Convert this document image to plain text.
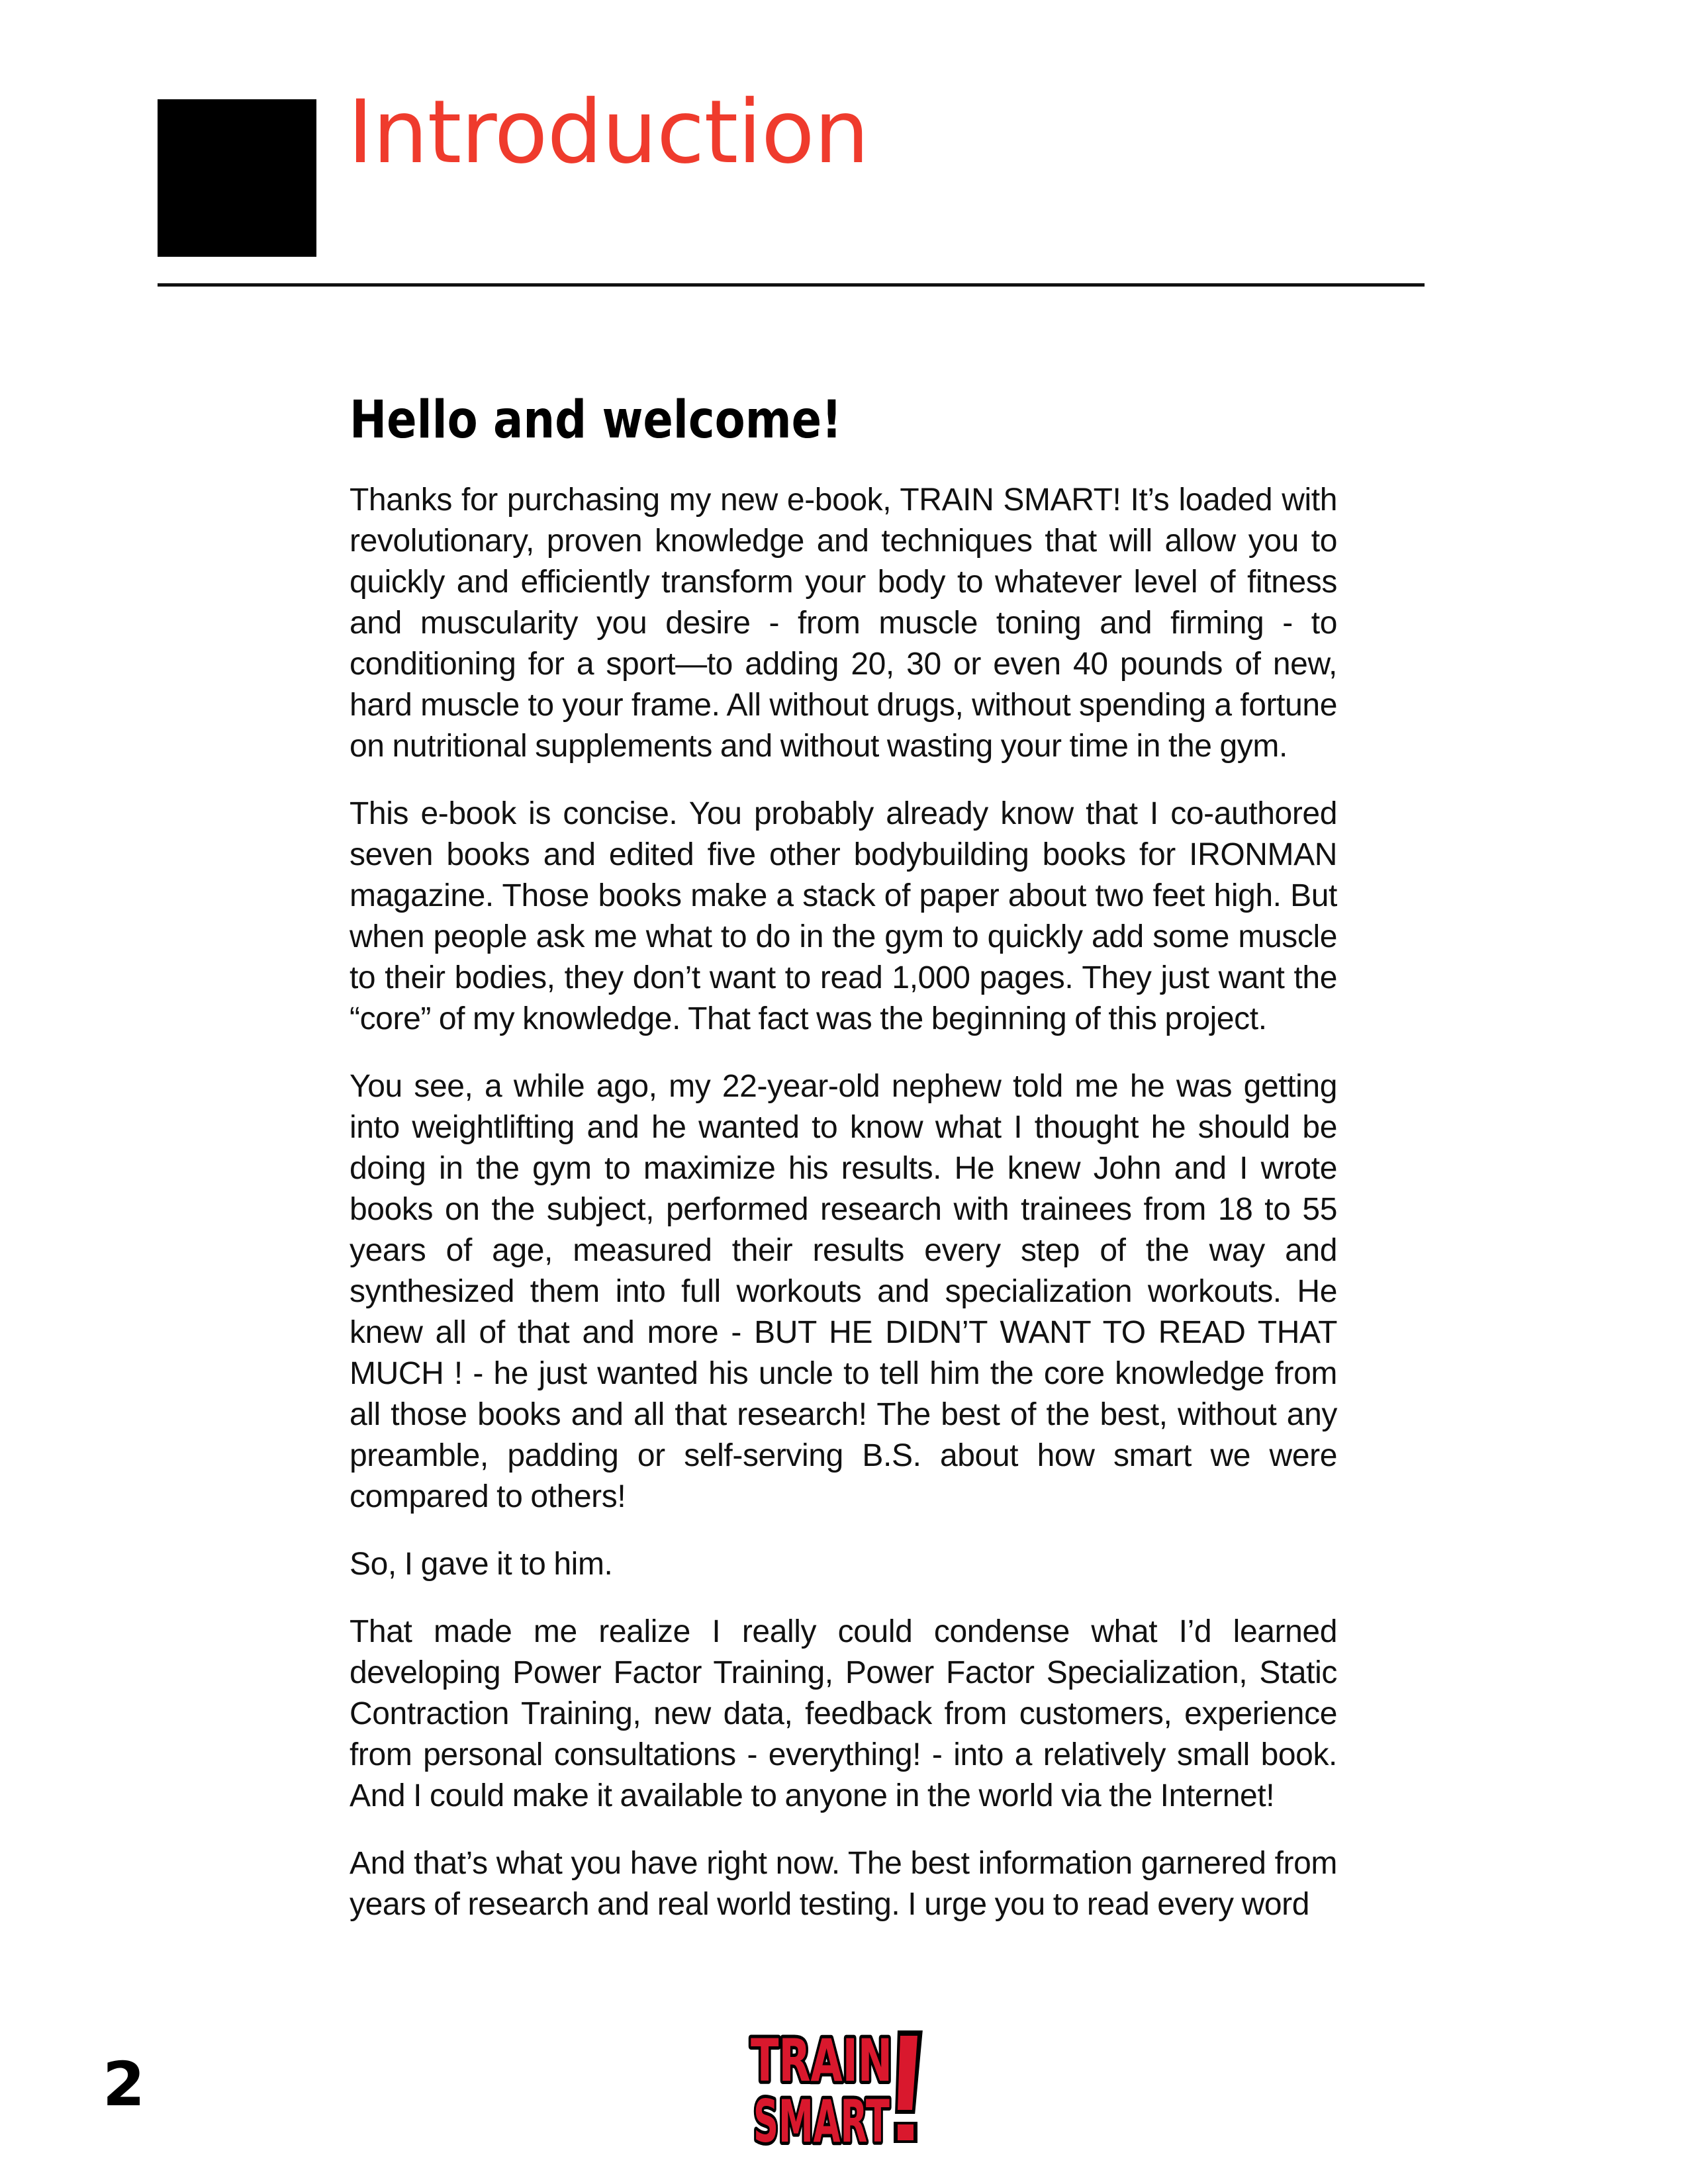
Introduction
Hello and welcome!

Thanks for purchasing my new e-book, TRAIN SMART! It’s loaded with revolutionary, proven knowledge and techniques that will allow you to quickly and efficiently transform your body to whatever level of fitness and muscularity you desire - from muscle toning and firming - to conditioning for a sport—to adding 20, 30 or even 40 pounds of new, hard muscle to your frame. All without drugs, without spending a fortune on nutritional supplements and without wasting your time in the gym.

This e-book is concise. You probably already know that I co-authored seven books and edited five other bodybuilding books for IRONMAN magazine. Those books make a stack of paper about two feet high. But when people ask me what to do in the gym to quickly add some muscle to their bodies, they don’t want to read 1,000 pages. They just want the “core” of my knowledge. That fact was the beginning of this project.

You see, a while ago, my 22-year-old nephew told me he was getting into weightlifting and he wanted to know what I thought he should be doing in the gym to maximize his results. He knew John and I wrote books on the subject, performed research with trainees from 18 to 55 years of age, measured their results every step of the way and synthesized them into full workouts and specialization workouts. He knew all of that and more - BUT HE DIDN’T WANT TO READ THAT MUCH ! - he just wanted his uncle to tell him the core knowledge from all those books and all that research! The best of the best, without any preamble, padding or self-serving B.S. about how smart we were compared to others!

So, I gave it to him.

That made me realize I really could condense what I’d learned developing Power Factor Training, Power Factor Specialization, Static Contraction Training, new data, feedback from customers, experience from personal consultations - everything! - into a relatively small book. And I could make it available to anyone in the world via the Internet!

And that’s what you have right now. The best information garnered from years of research and real world testing. I urge you to read every word

2	TRAIN
SMART
